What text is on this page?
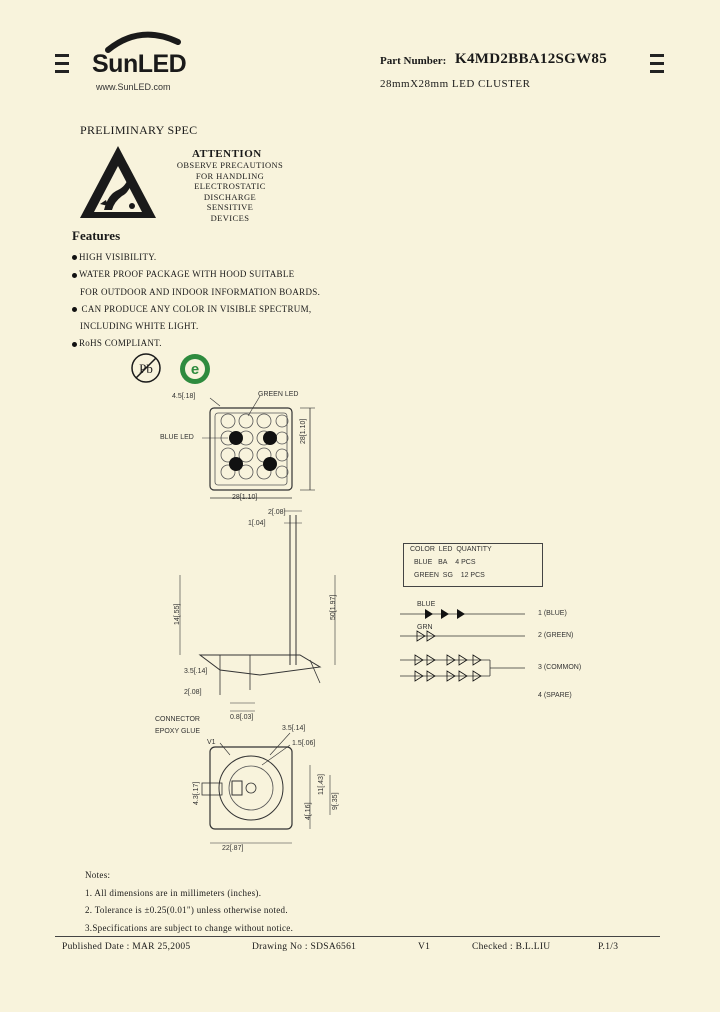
SunLED
www.SunLED.com
Part Number: K4MD2BBA12SGW85
28mmX28mm LED CLUSTER
PRELIMINARY SPEC
ATTENTION
OBSERVE PRECAUTIONS
FOR HANDLING
ELECTROSTATIC
DISCHARGE
SENSITIVE
DEVICES
Features
HIGH VISIBILITY.
WATER PROOF PACKAGE WITH HOOD SUITABLE
FOR OUTDOOR AND INDOOR INFORMATION BOARDS.
CAN PRODUCE ANY COLOR IN VISIBLE SPECTRUM,
INCLUDING WHITE LIGHT.
RoHS COMPLIANT.
Pb	e
4.5[.18]	GREEN LED
BLUE LED	28[1.10]
28[1.10]
2[.08]
1[.04]
50[1.97]
14[.55]
3.5[.14]
2[.08]
COLOR LED QUANTITY
BLUE BA 4 PCS
GREEN SG 12 PCS
BLUE
GRN
1 (BLUE)
2 (GREEN)
3 (COMMON)
4 (SPARE)
CONNECTOR
EPOXY GLUE
0.8[.03]
V1
3.5[.14]
1.5[.06]
4.3[.17]
22[.87]
11[.43]
9[.35]
4[.16]
Notes:
1. All dimensions are in millimeters (inches).
2. Tolerance is ±0.25(0.01") unless otherwise noted.
3.Specifications are subject to change without notice.
Published Date : MAR 25,2005	Drawing No : SDSA6561	V1	Checked : B.L.LIU	P.1/3
